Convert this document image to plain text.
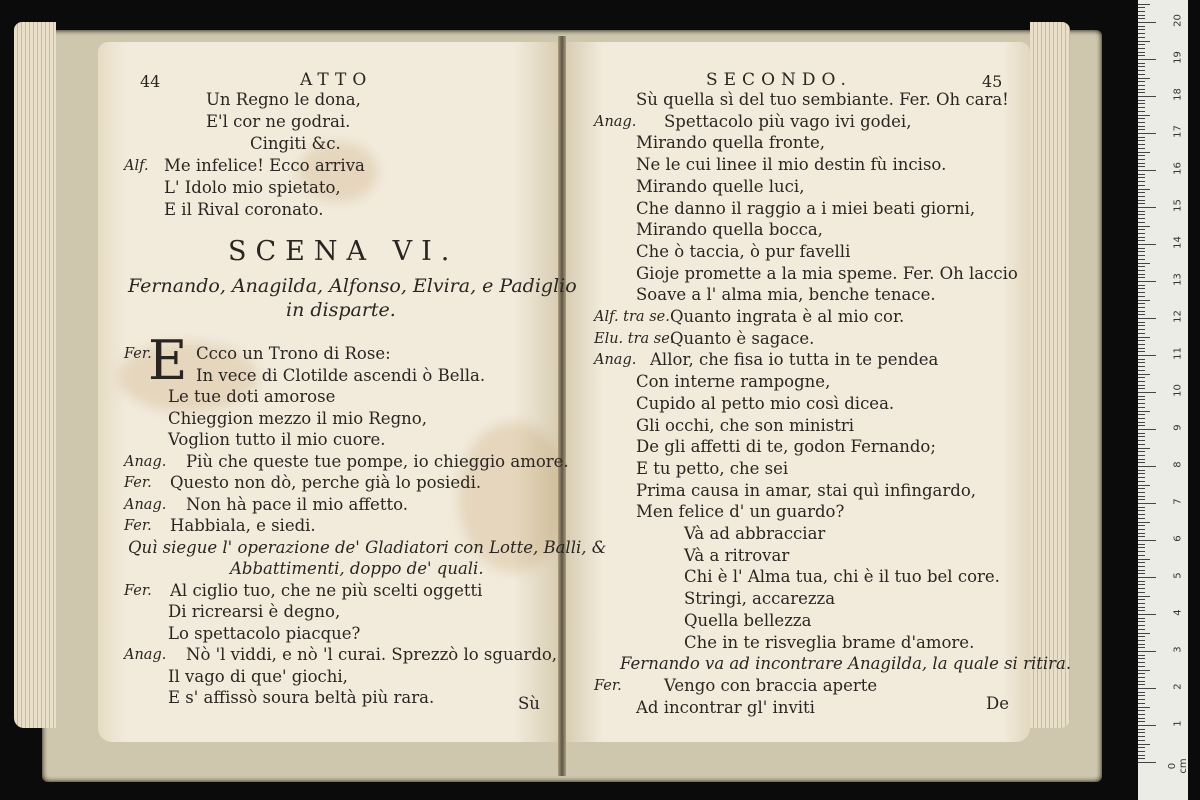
44	ATTO
Un Regno le dona,
E'l cor ne godrai.
Cingiti &c.
Alf. Me infelice! Ecco arriva
L' Idolo mio spietato,
E il Rival coronato.
SCENA VI.
Fernando, Anagilda, Alfonso, Elvira, e Padiglio
in disparte.
E
Fer.	Ccco un Trono di Rose:
In vece di Clotilde ascendi ò Bella.
Le tue doti amorose
Chieggion mezzo il mio Regno,
Voglion tutto il mio cuore.
Anag. Più che queste tue pompe, io chieggio amore.
Fer. Questo non dò, perche già lo posiedi.
Anag. Non hà pace il mio affetto.
Fer. Habbiala, e siedi.
Quì siegue l' operazione de' Gladiatori con Lotte, Balli, &
Abbattimenti, doppo de' quali.
Fer. Al ciglio tuo, che ne più scelti oggetti
Di ricrearsi è degno,
Lo spettacolo piacque?
Anag. Nò 'l viddi, e nò 'l curai. Sprezzò lo sguardo,
Il vago di que' giochi,
E s' affissò soura beltà più rara.	Sù
SECONDO.	45
Sù quella sì del tuo sembiante. Fer. Oh cara!
Anag. Spettacolo più vago ivi godei,
Mirando quella fronte,
Ne le cui linee il mio destin fù inciso.
Mirando quelle luci,
Che danno il raggio a i miei beati giorni,
Mirando quella bocca,
Che ò taccia, ò pur favelli
Gioje promette a la mia speme. Fer. Oh laccio
Soave a l' alma mia, benche tenace.
Alf. tra se. Quanto ingrata è al mio cor.
Elu. tra se.
Quanto è sagace.
Anag. Allor, che fisa io tutta in te pendea
Con interne rampogne,
Cupido al petto mio così dicea.
Gli occhi, che son ministri
De gli affetti di te, godon Fernando;
E tu petto, che sei
Prima causa in amar, stai quì infingardo,
Men felice d' un guardo?
Và ad abbracciar
Và a ritrovar
Chi è l' Alma tua, chi è il tuo bel core.
Stringi, accarezza
Quella bellezza
Che in te risveglia brame d'amore.
Fernando va ad incontrare Anagilda, la quale si ritira.
Fer.	Vengo con braccia aperte
Ad incontrar gl' inviti	De
0 cm
1
2
3
4
5
6
7
8
9
10
11
12
13
14
15
16
17
18
19
20
